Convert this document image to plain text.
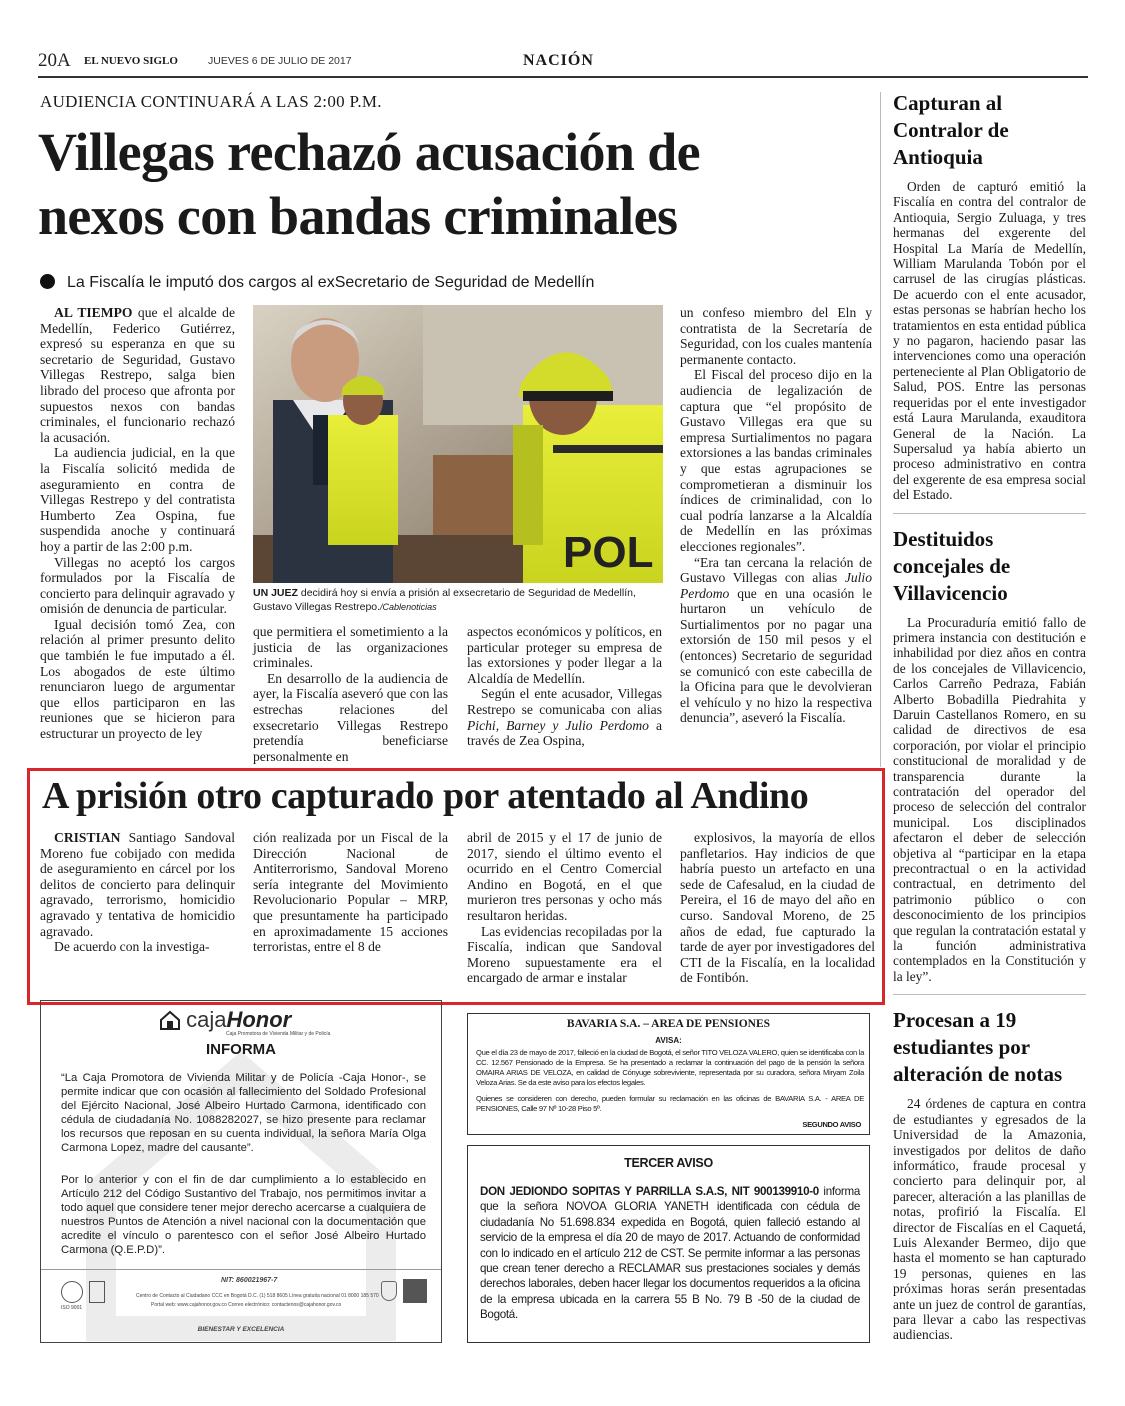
20A EL NUEVO SIGLO	JUEVES 6 DE JULIO DE 2017	NACIÓN
AUDIENCIA CONTINUARÁ A LAS 2:00 P.M.
Villegas rechazó acusación de
nexos con bandas criminales
La Fiscalía le imputó dos cargos al exSecretario de Seguridad de Medellín

AL TIEMPO que el alcalde de Medellín, Federico Gutiérrez, expresó su esperanza en que su secretario de Seguridad, Gustavo Villegas Restrepo, salga bien librado del proceso que afronta por supuestos nexos con bandas criminales, el funcionario rechazó la acusación.

La audiencia judicial, en la que la Fiscalía solicitó medida de aseguramiento en contra de Villegas Restrepo y del contratista Humberto Zea Ospina, fue suspendida anoche y continuará hoy a partir de las 2:00 p.m.

Villegas no aceptó los cargos formulados por la Fiscalía de concierto para delinquir agravado y omisión de denuncia de particular.

Igual decisión tomó Zea, con relación al primer presunto delito que también le fue imputado a él. Los abogados de este último renunciaron luego de argumentar que ellos participaron en las reuniones que se hicieron para estructurar un proyecto de ley

POL
UN JUEZ decidirá hoy si envía a prisión al exsecretario de Seguridad de Medellín, Gustavo Villegas Restrepo./Cablenoticias

que permitiera el sometimiento a la justicia de las organizaciones criminales.

En desarrollo de la audiencia de ayer, la Fiscalía aseveró que con las estrechas relaciones del exsecretario Villegas Restrepo pretendía beneficiarse personalmente en

aspectos económicos y políticos, en particular proteger su empresa de las extorsiones y poder llegar a la Alcaldía de Medellín.

Según el ente acusador, Villegas Restrepo se comunicaba con alias Pichi, Barney y Julio Perdomo a través de Zea Ospina,

un confeso miembro del Eln y contratista de la Secretaría de Seguridad, con los cuales mantenía permanente contacto.

El Fiscal del proceso dijo en la audiencia de legalización de captura que “el propósito de Gustavo Villegas era que su empresa Surtialimentos no pagara extorsiones a las bandas criminales y que estas agrupaciones se comprometieran a disminuir los índices de criminalidad, con lo cual podría lanzarse a la Alcaldía de Medellín en las próximas elecciones regionales”.

“Era tan cercana la relación de Gustavo Villegas con alias Julio Perdomo que en una ocasión le hurtaron un vehículo de Surtialimentos por no pagar una extorsión de 150 mil pesos y el (entonces) Secretario de seguridad se comunicó con este cabecilla de la Oficina para que le devolvieran el vehículo y no hizo la respectiva denuncia”, aseveró la Fiscalía.

A prisión otro capturado por atentado al Andino

CRISTIAN Santiago Sandoval Moreno fue cobijado con medida de aseguramiento en cárcel por los delitos de concierto para delinquir agravado, terrorismo, homicidio agravado y tentativa de homicidio agravado.

De acuerdo con la investiga-

ción realizada por un Fiscal de la Dirección Nacional de Antiterrorismo, Sandoval Moreno sería integrante del Movimiento Revolucionario Popular – MRP, que presuntamente ha participado en aproximadamente 15 acciones terroristas, entre el 8 de

abril de 2015 y el 17 de junio de 2017, siendo el último evento el ocurrido en el Centro Comercial Andino en Bogotá, en el que murieron tres personas y ocho más resultaron heridas.

Las evidencias recopiladas por la Fiscalía, indican que Sandoval Moreno supuestamente era el encargado de armar e instalar

explosivos, la mayoría de ellos panfletarios. Hay indicios de que habría puesto un artefacto en una sede de Cafesalud, en la ciudad de Pereira, el 16 de mayo del año en curso. Sandoval Moreno, de 25 años de edad, fue capturado la tarde de ayer por investigadores del CTI de la Fiscalía, en la localidad de Fontibón.

Capturan al Contralor de Antioquia

Orden de capturó emitió la Fiscalía en contra del contralor de Antioquia, Sergio Zuluaga, y tres hermanas del exgerente del Hospital La María de Medellín, William Marulanda Tobón por el carrusel de las cirugías plásticas. De acuerdo con el ente acusador, estas personas se habrían hecho los tratamientos en esta entidad pública y no pagaron, haciendo pasar las intervenciones como una operación perteneciente al Plan Obligatorio de Salud, POS. Entre las personas requeridas por el ente investigador está Laura Marulanda, exauditora General de la Nación. La Supersalud ya había abierto un proceso administrativo en contra del exgerente de esa empresa social del Estado.

Destituidos concejales de Villavicencio

La Procuraduría emitió fallo de primera instancia con destitución e inhabilidad por diez años en contra de los concejales de Villavicencio, Carlos Carreño Pedraza, Fabián Alberto Bobadilla Piedrahita y Daruin Castellanos Romero, en su calidad de directivos de esa corporación, por violar el principio constitucional de moralidad y de transparencia durante la contratación del operador del proceso de selección del contralor municipal. Los disciplinados afectaron el deber de selección objetiva al “participar en la etapa precontractual o en la actividad contractual, en detrimento del patrimonio público o con desconocimiento de los principios que regulan la contratación estatal y la función administrativa contemplados en la Constitución y la ley”.

Procesan a 19 estudiantes por alteración de notas

24 órdenes de captura en contra de estudiantes y egresados de la Universidad de la Amazonia, investigados por delitos de daño informático, fraude procesal y concierto para delinquir por, al parecer, alteración a las planillas de notas, profirió la Fiscalía. El director de Fiscalías en el Caquetá, Luis Alexander Bermeo, dijo que hasta el momento se han capturado 19 personas, quienes en las próximas horas serán presentadas ante un juez de control de garantías, para llevar a cabo las respectivas audiencias.

cajaHonor
Caja Promotora de Vivienda Militar y de Policía
INFORMA

“La Caja Promotora de Vivienda Militar y de Policía -Caja Honor-, se permite indicar que con ocasión al fallecimiento del Soldado Profesional del Ejército Nacional, José Albeiro Hurtado Carmona, identificado con cédula de ciudadanía No. 1088282027, se hizo presente para reclamar los recursos que reposan en su cuenta individual, la señora María Olga Carmona Lopez, madre del causante”.

Por lo anterior y con el fin de dar cumplimiento a lo establecido en Artículo 212 del Código Sustantivo del Trabajo, nos permitimos invitar a todo aquel que considere tener mejor derecho acercarse a cualquiera de nuestros Puntos de Atención a nivel nacional con la documentación que acredite el vínculo o parentesco con el señor José Albeiro Hurtado Carmona (Q.E.P.D)”.

NIT: 860021967-7
ISO 9001
Centro de Contacto al Ciudadano CCC en Bogotá D.C. (1) 518 8605 Línea gratuita nacional 01 8000 185 570
Portal web: www.cajahonor.gov.co Correo electrónico: contactenos@cajahonor.gov.co
BIENESTAR Y EXCELENCIA
BAVARIA S.A. – AREA DE PENSIONES
AVISA:

Que el día 23 de mayo de 2017, falleció en la ciudad de Bogotá, el señor TITO VELOZA VALERO, quien se identificaba con la CC. 12.567 Pensionado de la Empresa. Se ha presentado a reclamar la continuación del pago de la pensión la señora OMAIRA ARIAS DE VELOZA, en calidad de Cónyuge sobreviviente, representada por su curadora, señora Miryam Zoila Veloza Arias. Se da este aviso para los efectos legales.

Quienes se consideren con derecho, pueden formular su reclamación en las oficinas de BAVARIA S.A. - AREA DE PENSIONES, Calle 97 Nº 10-28 Piso 5º.

SEGUNDO AVISO
TERCER AVISO

DON JEDIONDO SOPITAS Y PARRILLA S.A.S, NIT 900139910-0 informa que la señora NOVOA GLORIA YANETH identificada con cédula de ciudadanía No 51.698.834 expedida en Bogotá, quien falleció estando al servicio de la empresa el día 20 de mayo de 2017. Actuando de conformidad con lo indicado en el artículo 212 de CST. Se permite informar a las personas que crean tener derecho a RECLAMAR sus prestaciones sociales y demás derechos laborales, deben hacer llegar los documentos requeridos a la oficina de la empresa ubicada en la carrera 55 B No. 79 B -50 de la ciudad de Bogotá.
